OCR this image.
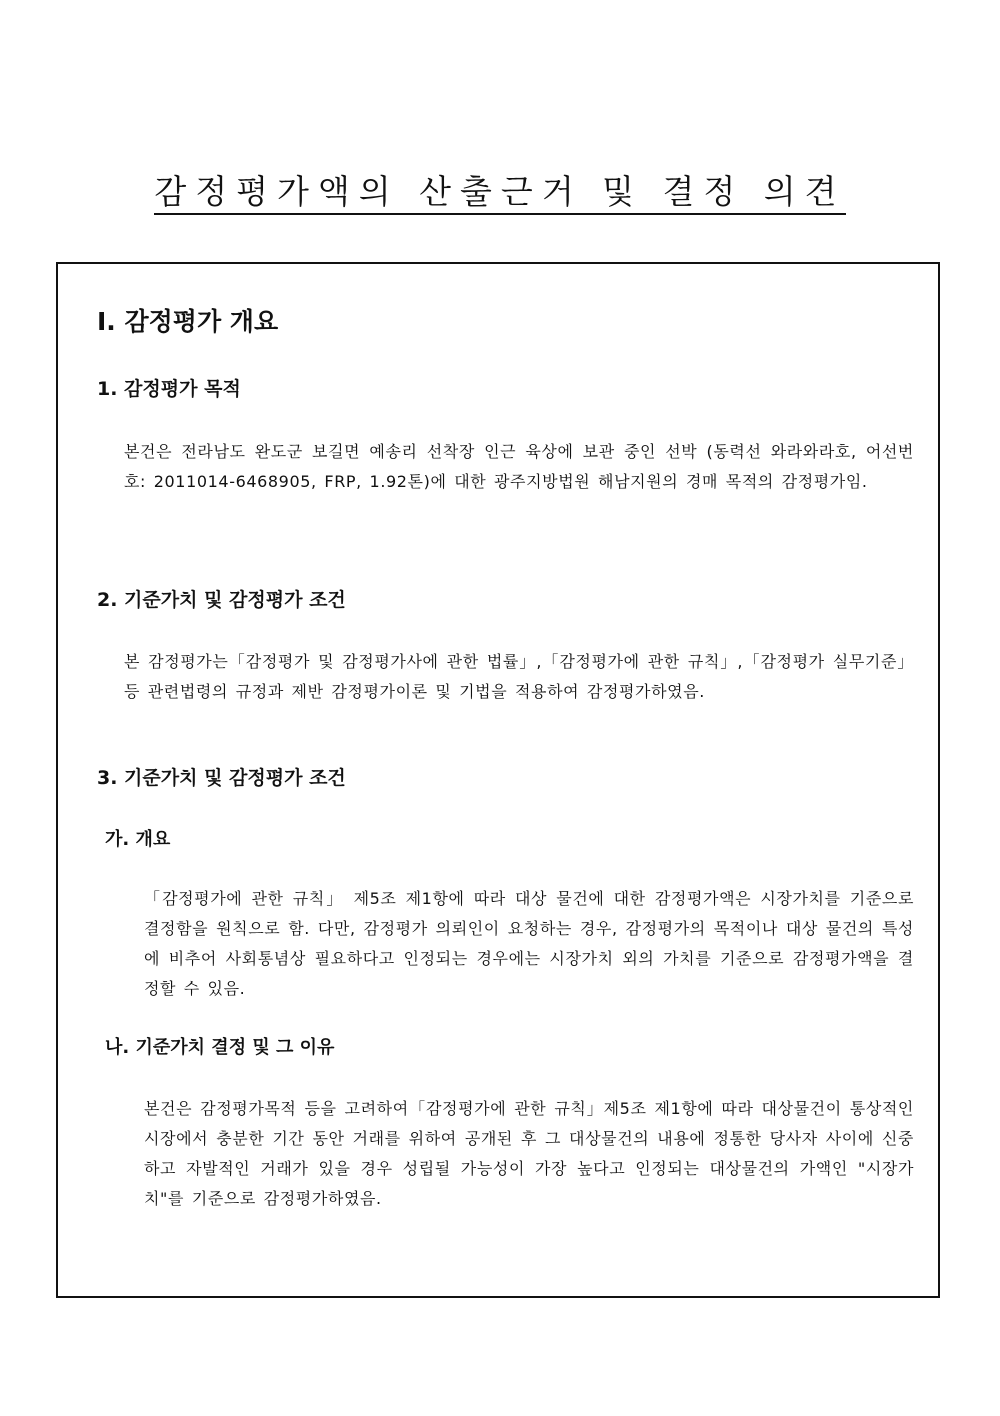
감정평가액의 산출근거 및 결정 의견
Ⅰ. 감정평가 개요
1. 감정평가 목적
본건은 전라남도 완도군 보길면 예송리 선착장 인근 육상에 보관 중인 선박 (동력선 와라와라호, 어선번호: 2011014-6468905, FRP, 1.92톤)에 대한 광주지방법원 해남지원의 경매 목적의 감정평가임.
2. 기준가치 및 감정평가 조건
본 감정평가는「감정평가 및 감정평가사에 관한 법률」,「감정평가에 관한 규칙」,「감정평가 실무기준」 등 관련법령의 규정과 제반 감정평가이론 및 기법을 적용하여 감정평가하였음.
3. 기준가치 및 감정평가 조건
가. 개요
「감정평가에 관한 규칙」 제5조 제1항에 따라 대상 물건에 대한 감정평가액은 시장가치를 기준으로 결정함을 원칙으로 함. 다만, 감정평가 의뢰인이 요청하는 경우, 감정평가의 목적이나 대상 물건의 특성에 비추어 사회통념상 필요하다고 인정되는 경우에는 시장가치 외의 가치를 기준으로 감정평가액을 결정할 수 있음.
나. 기준가치 결정 및 그 이유
본건은 감정평가목적 등을 고려하여「감정평가에 관한 규칙」제5조 제1항에 따라 대상물건이 통상적인 시장에서 충분한 기간 동안 거래를 위하여 공개된 후 그 대상물건의 내용에 정통한 당사자 사이에 신중하고 자발적인 거래가 있을 경우 성립될 가능성이 가장 높다고 인정되는 대상물건의 가액인 "시장가치"를 기준으로 감정평가하였음.
